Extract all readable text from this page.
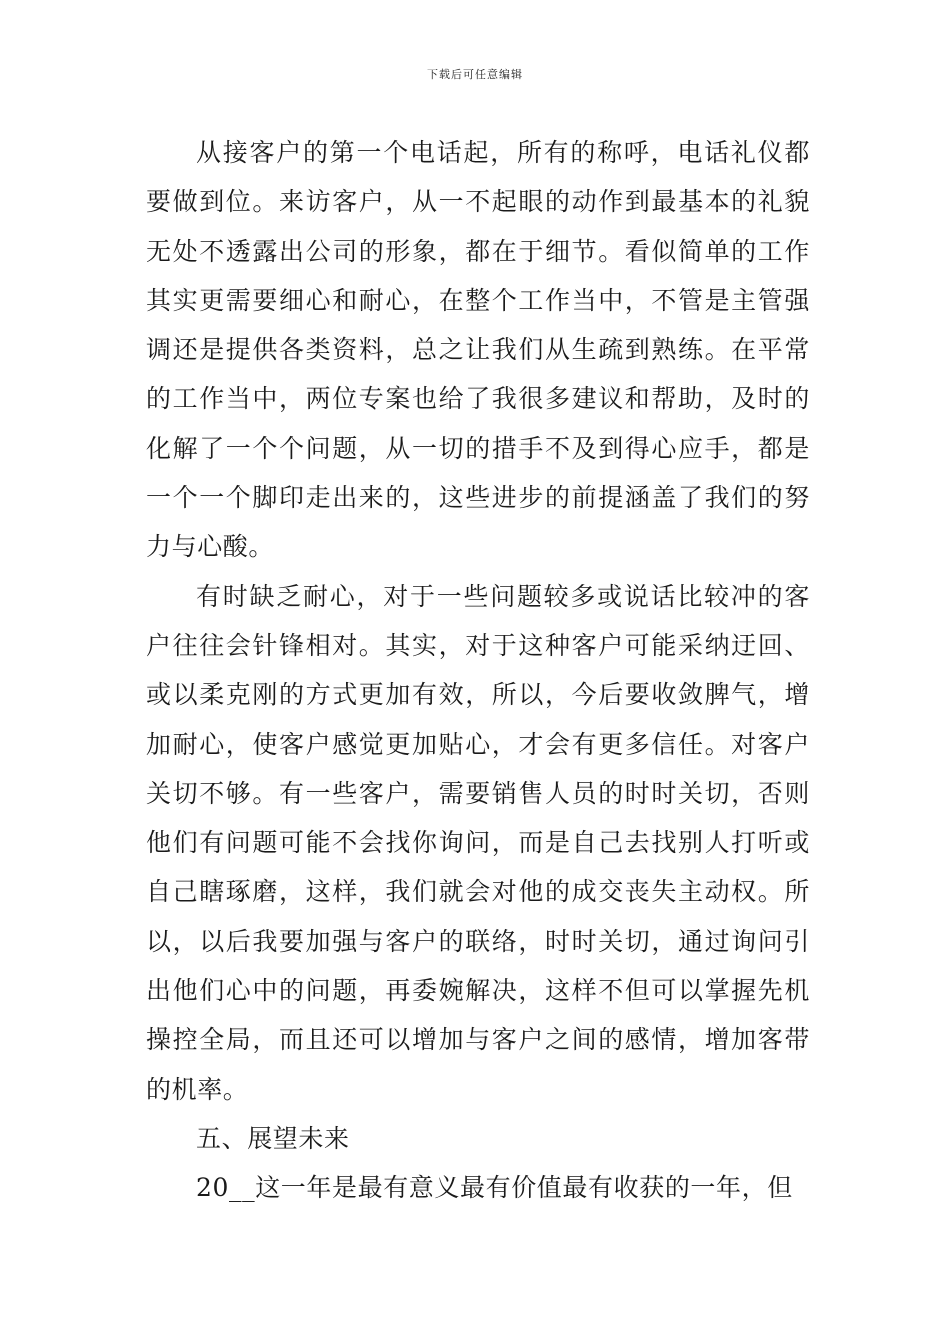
下载后可任意编辑

从接客户的第一个电话起，所有的称呼，电话礼仪都要做到位。来访客户，从一不起眼的动作到最基本的礼貌无处不透露出公司的形象，都在于细节。看似简单的工作其实更需要细心和耐心，在整个工作当中，不管是主管强调还是提供各类资料，总之让我们从生疏到熟练。在平常的工作当中，两位专案也给了我很多建议和帮助，及时的化解了一个个问题，从一切的措手不及到得心应手，都是一个一个脚印走出来的，这些进步的前提涵盖了我们的努力与心酸。

有时缺乏耐心，对于一些问题较多或说话比较冲的客户往往会针锋相对。其实，对于这种客户可能采纳迂回、或以柔克刚的方式更加有效，所以，今后要收敛脾气，增加耐心，使客户感觉更加贴心，才会有更多信任。对客户关切不够。有一些客户，需要销售人员的时时关切，否则他们有问题可能不会找你询问，而是自己去找别人打听或自己瞎琢磨，这样，我们就会对他的成交丧失主动权。所以，以后我要加强与客户的联络，时时关切，通过询问引出他们心中的问题，再委婉解决，这样不但可以掌握先机操控全局，而且还可以增加与客户之间的感情，增加客带的机率。

五、展望未来

20__这一年是最有意义最有价值最有收获的一年，但
